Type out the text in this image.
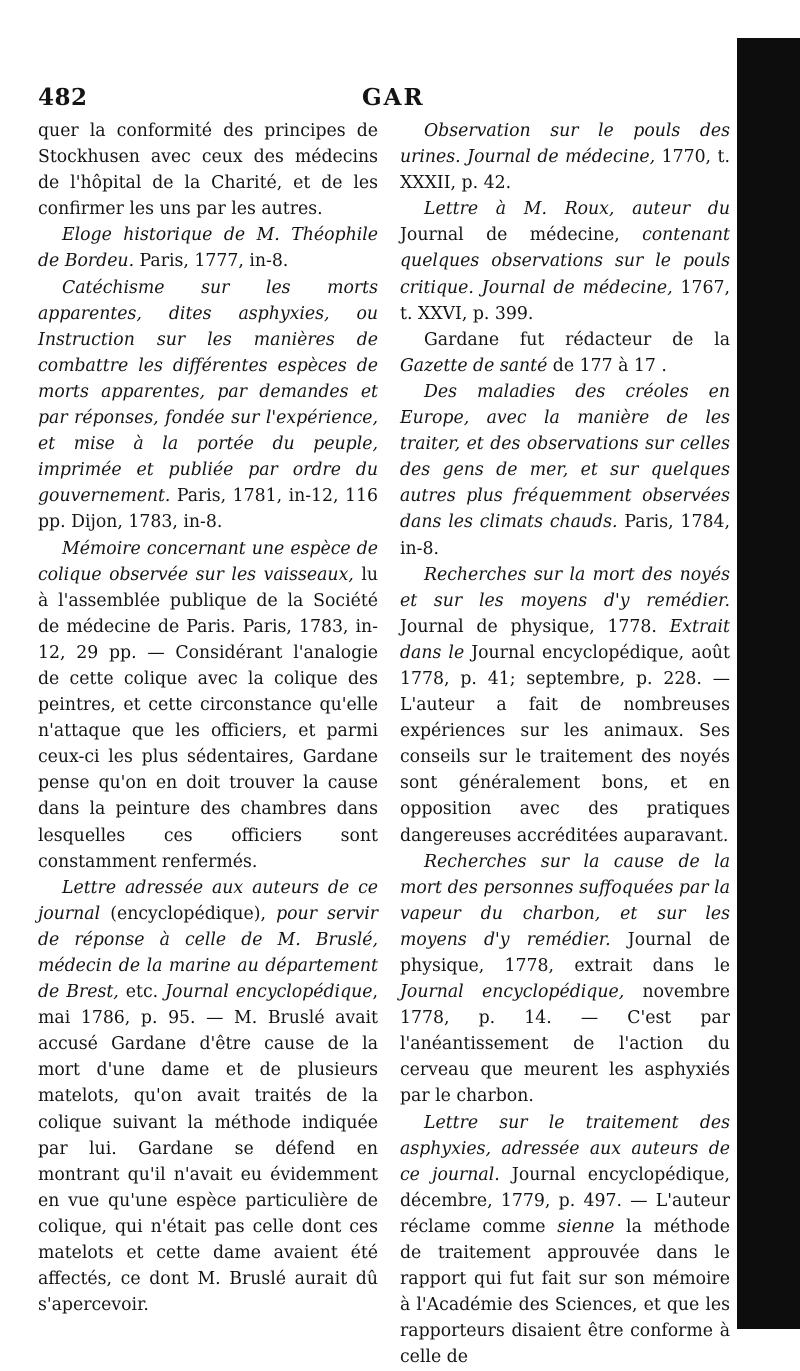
482	GAR

quer la conformité des principes de Stockhusen avec ceux des médecins de l'hôpital de la Charité, et de les confirmer les uns par les autres.

Eloge historique de M. Théophile de Bordeu. Paris, 1777, in-8.

Catéchisme sur les morts apparentes, dites asphyxies, ou Instruction sur les manières de combattre les différentes espèces de morts apparentes, par demandes et par réponses, fondée sur l'expérience, et mise à la portée du peuple, imprimée et publiée par ordre du gouvernement. Paris, 1781, in-12, 116 pp. Dijon, 1783, in-8.

Mémoire concernant une espèce de colique observée sur les vaisseaux, lu à l'assemblée publique de la Société de médecine de Paris. Paris, 1783, in-12, 29 pp. — Considérant l'analogie de cette colique avec la colique des peintres, et cette circonstance qu'elle n'attaque que les officiers, et parmi ceux-ci les plus sédentaires, Gardane pense qu'on en doit trouver la cause dans la peinture des chambres dans lesquelles ces officiers sont constamment renfermés.

Lettre adressée aux auteurs de ce journal (encyclopédique), pour servir de réponse à celle de M. Bruslé, médecin de la marine au département de Brest, etc. Journal encyclopédique, mai 1786, p. 95. — M. Bruslé avait accusé Gardane d'être cause de la mort d'une dame et de plusieurs matelots, qu'on avait traités de la colique suivant la méthode indiquée par lui. Gardane se défend en montrant qu'il n'avait eu évidemment en vue qu'une espèce particulière de colique, qui n'était pas celle dont ces matelots et cette dame avaient été affectés, ce dont M. Bruslé aurait dû s'apercevoir.

Observation sur le pouls des urines. Journal de médecine, 1770, t. XXXII, p. 42.

Lettre à M. Roux, auteur du Journal de médecine, contenant quelques observations sur le pouls critique. Journal de médecine, 1767, t. XXVI, p. 399.

Gardane fut rédacteur de la Gazette de santé de 177 à 17 .

Des maladies des créoles en Europe, avec la manière de les traiter, et des observations sur celles des gens de mer, et sur quelques autres plus fréquemment observées dans les climats chauds. Paris, 1784, in-8.

Recherches sur la mort des noyés et sur les moyens d'y remédier. Journal de physique, 1778. Extrait dans le Journal encyclopédique, août 1778, p. 41; septembre, p. 228. — L'auteur a fait de nombreuses expériences sur les animaux. Ses conseils sur le traitement des noyés sont généralement bons, et en opposition avec des pratiques dangereuses accréditées auparavant.

Recherches sur la cause de la mort des personnes suffoquées par la vapeur du charbon, et sur les moyens d'y remédier. Journal de physique, 1778, extrait dans le Journal encyclopédique, novembre 1778, p. 14. — C'est par l'anéantissement de l'action du cerveau que meurent les asphyxiés par le charbon.

Lettre sur le traitement des asphyxies, adressée aux auteurs de ce journal. Journal encyclopédique, décembre, 1779, p. 497. — L'auteur réclame comme sienne la méthode de traitement approuvée dans le rapport qui fut fait sur son mémoire à l'Académie des Sciences, et que les rapporteurs disaient être conforme à celle de
